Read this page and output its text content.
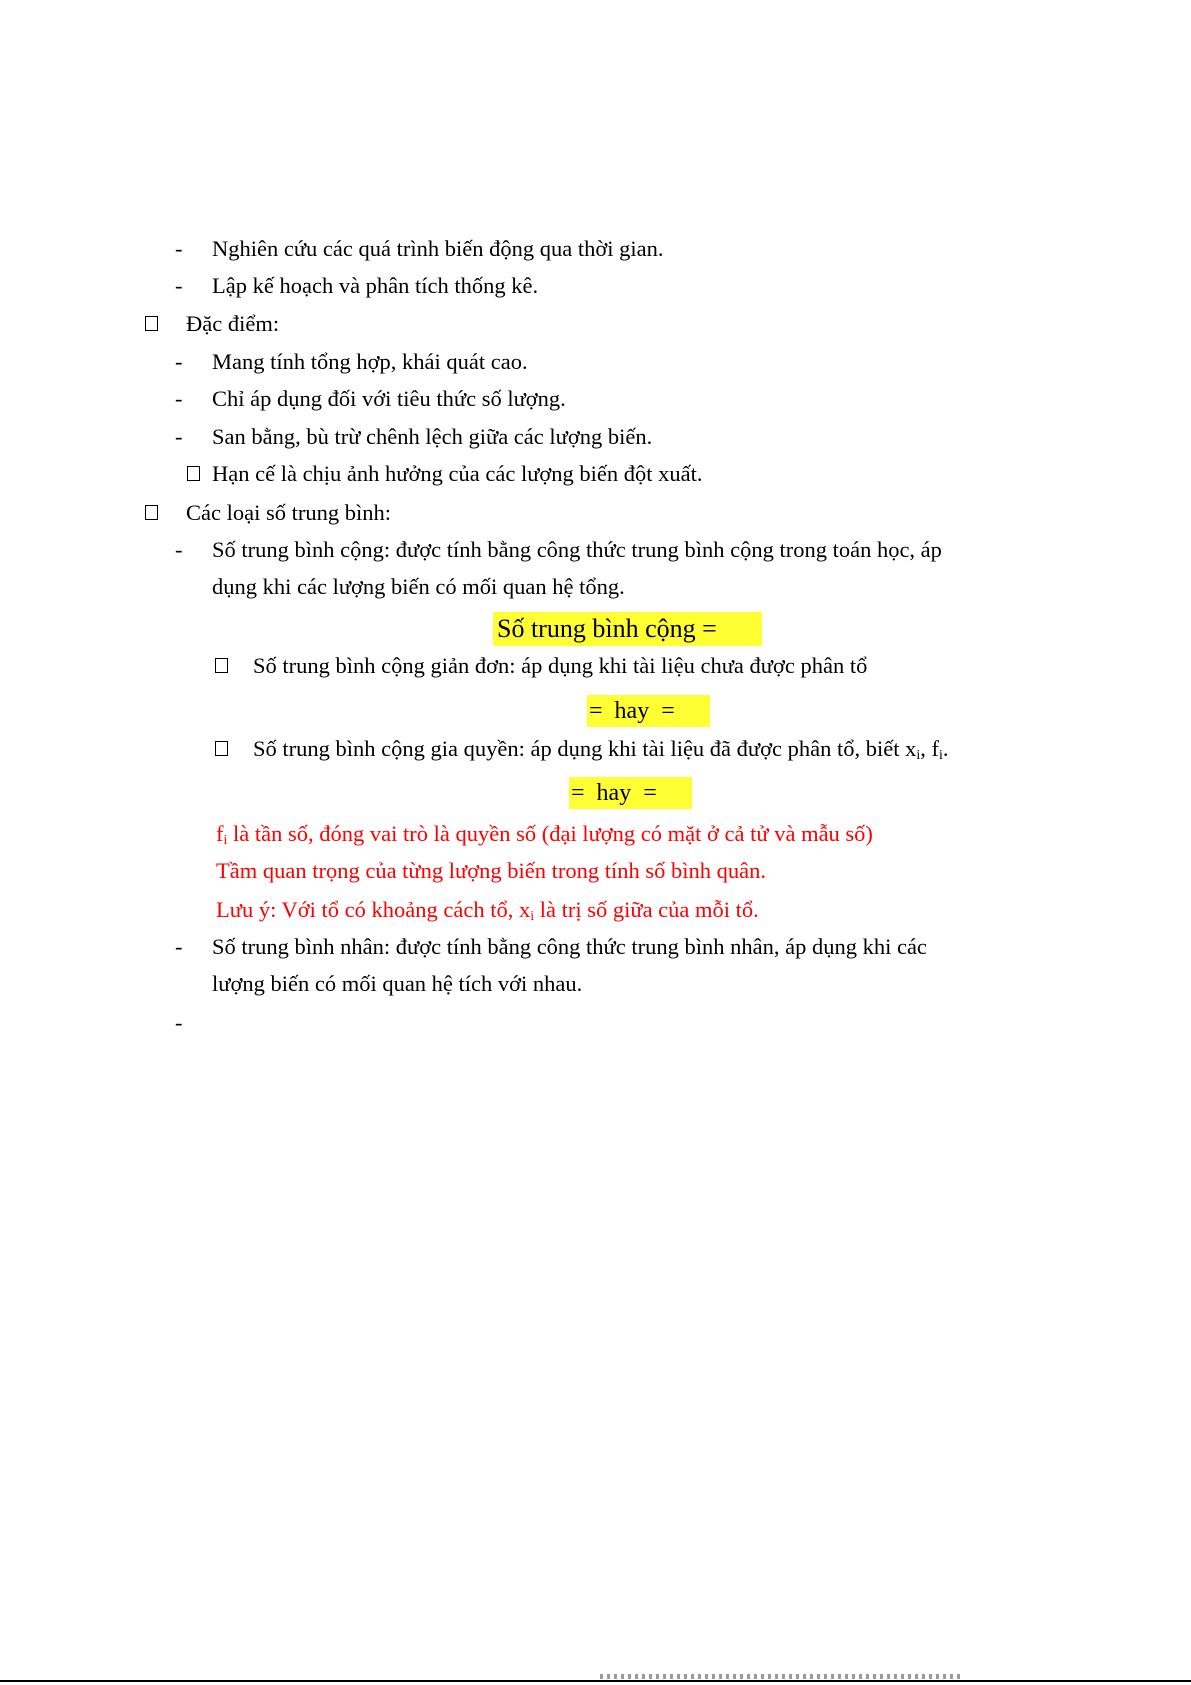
- Nghiên cứu các quá trình biến động qua thời gian.
- Lập kế hoạch và phân tích thống kê.
Đặc điểm:
- Mang tính tổng hợp, khái quát cao.
- Chỉ áp dụng đối với tiêu thức số lượng.
- San bằng, bù trừ chênh lệch giữa các lượng biến.
Hạn cế là chịu ảnh hưởng của các lượng biến đột xuất.
Các loại số trung bình:
- Số trung bình cộng: được tính bằng công thức trung bình cộng trong toán học, áp
dụng khi các lượng biến có mối quan hệ tổng.
Số trung bình cộng =
Số trung bình cộng giản đơn: áp dụng khi tài liệu chưa được phân tổ
=  hay  =
Số trung bình cộng gia quyền: áp dụng khi tài liệu đã được phân tổ, biết $x_i$, $f_i$.
=  hay  =
$f_i$ là tần số, đóng vai trò là quyền số (đại lượng có mặt ở cả tử và mẫu số)
Tầm quan trọng của từng lượng biến trong tính số bình quân.
Lưu ý: Với tổ có khoảng cách tổ, $x_i$ là trị số giữa của mỗi tổ.
- Số trung bình nhân: được tính bằng công thức trung bình nhân, áp dụng khi các
lượng biến có mối quan hệ tích với nhau.
-
